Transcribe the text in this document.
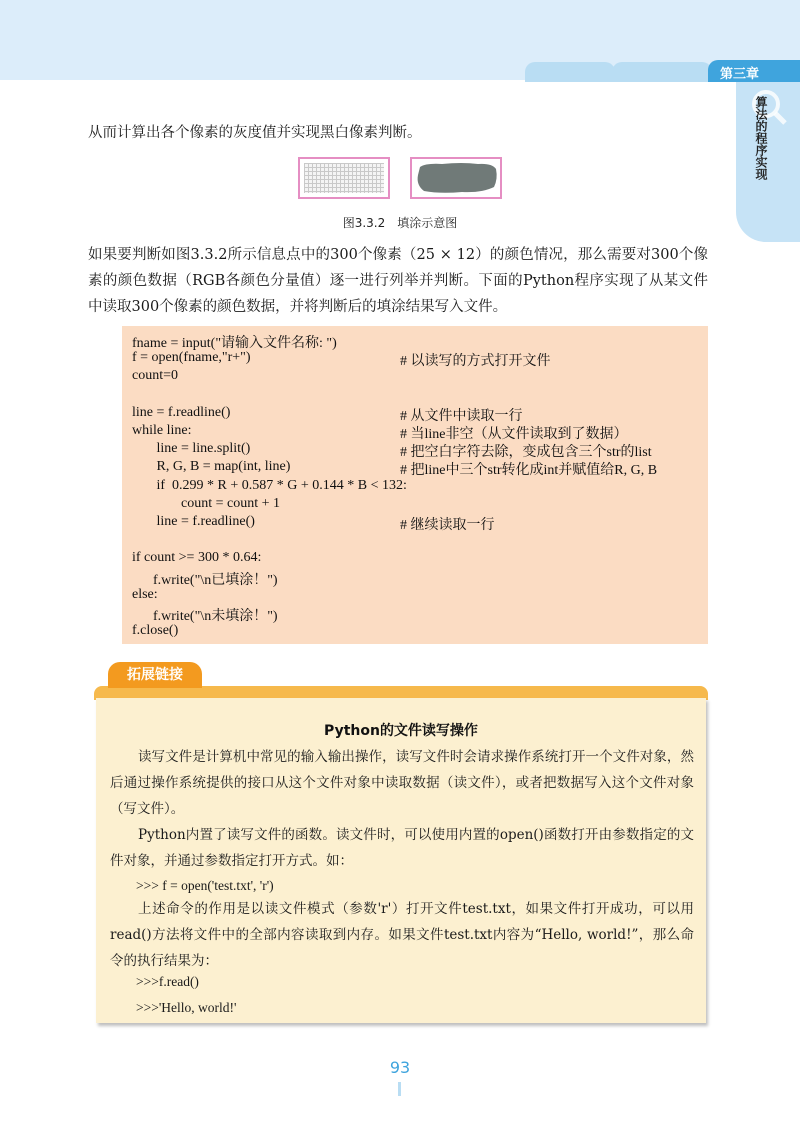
第三章
算法的程序实现

从而计算出各个像素的灰度值并实现黑白像素判断。

图3.3.2　填涂示意图

如果要判断如图3.3.2所示信息点中的300个像素（25 × 12）的颜色情况，那么需要对300个像素的颜色数据（RGB各颜色分量值）逐一进行列举并判断。下面的Python程序实现了从某文件中读取300个像素的颜色数据，并将判断后的填涂结果写入文件。

fname = input("请输入文件名称: ")
f = open(fname,"r+")	# 以读写的方式打开文件
count=0
line = f.readline()	# 从文件中读取一行
while line:	# 当line非空（从文件读取到了数据）
line = line.split()	# 把空白字符去除，变成包含三个str的list
R, G, B = map(int, line)	# 把line中三个str转化成int并赋值给R, G, B
if  0.299 * R + 0.587 * G + 0.144 * B < 132:
count = count + 1
line = f.readline()	# 继续读取一行
if count >= 300 * 0.64:
f.write("\n已填涂！")
else:
f.write("\n未填涂！")
f.close()
拓展链接
Python的文件读写操作

读写文件是计算机中常见的输入输出操作，读写文件时会请求操作系统打开一个文件对象，然后通过操作系统提供的接口从这个文件对象中读取数据（读文件），或者把数据写入这个文件对象（写文件）。

Python内置了读写文件的函数。读文件时，可以使用内置的open()函数打开由参数指定的文件对象，并通过参数指定打开方式。如：

>>> f = open('test.txt', 'r')

上述命令的作用是以读文件模式（参数'r'）打开文件test.txt，如果文件打开成功，可以用read()方法将文件中的全部内容读取到内存。如果文件test.txt内容为“Hello, world!”，那么命令的执行结果为：

>>>f.read()

>>>'Hello, world!'

93
